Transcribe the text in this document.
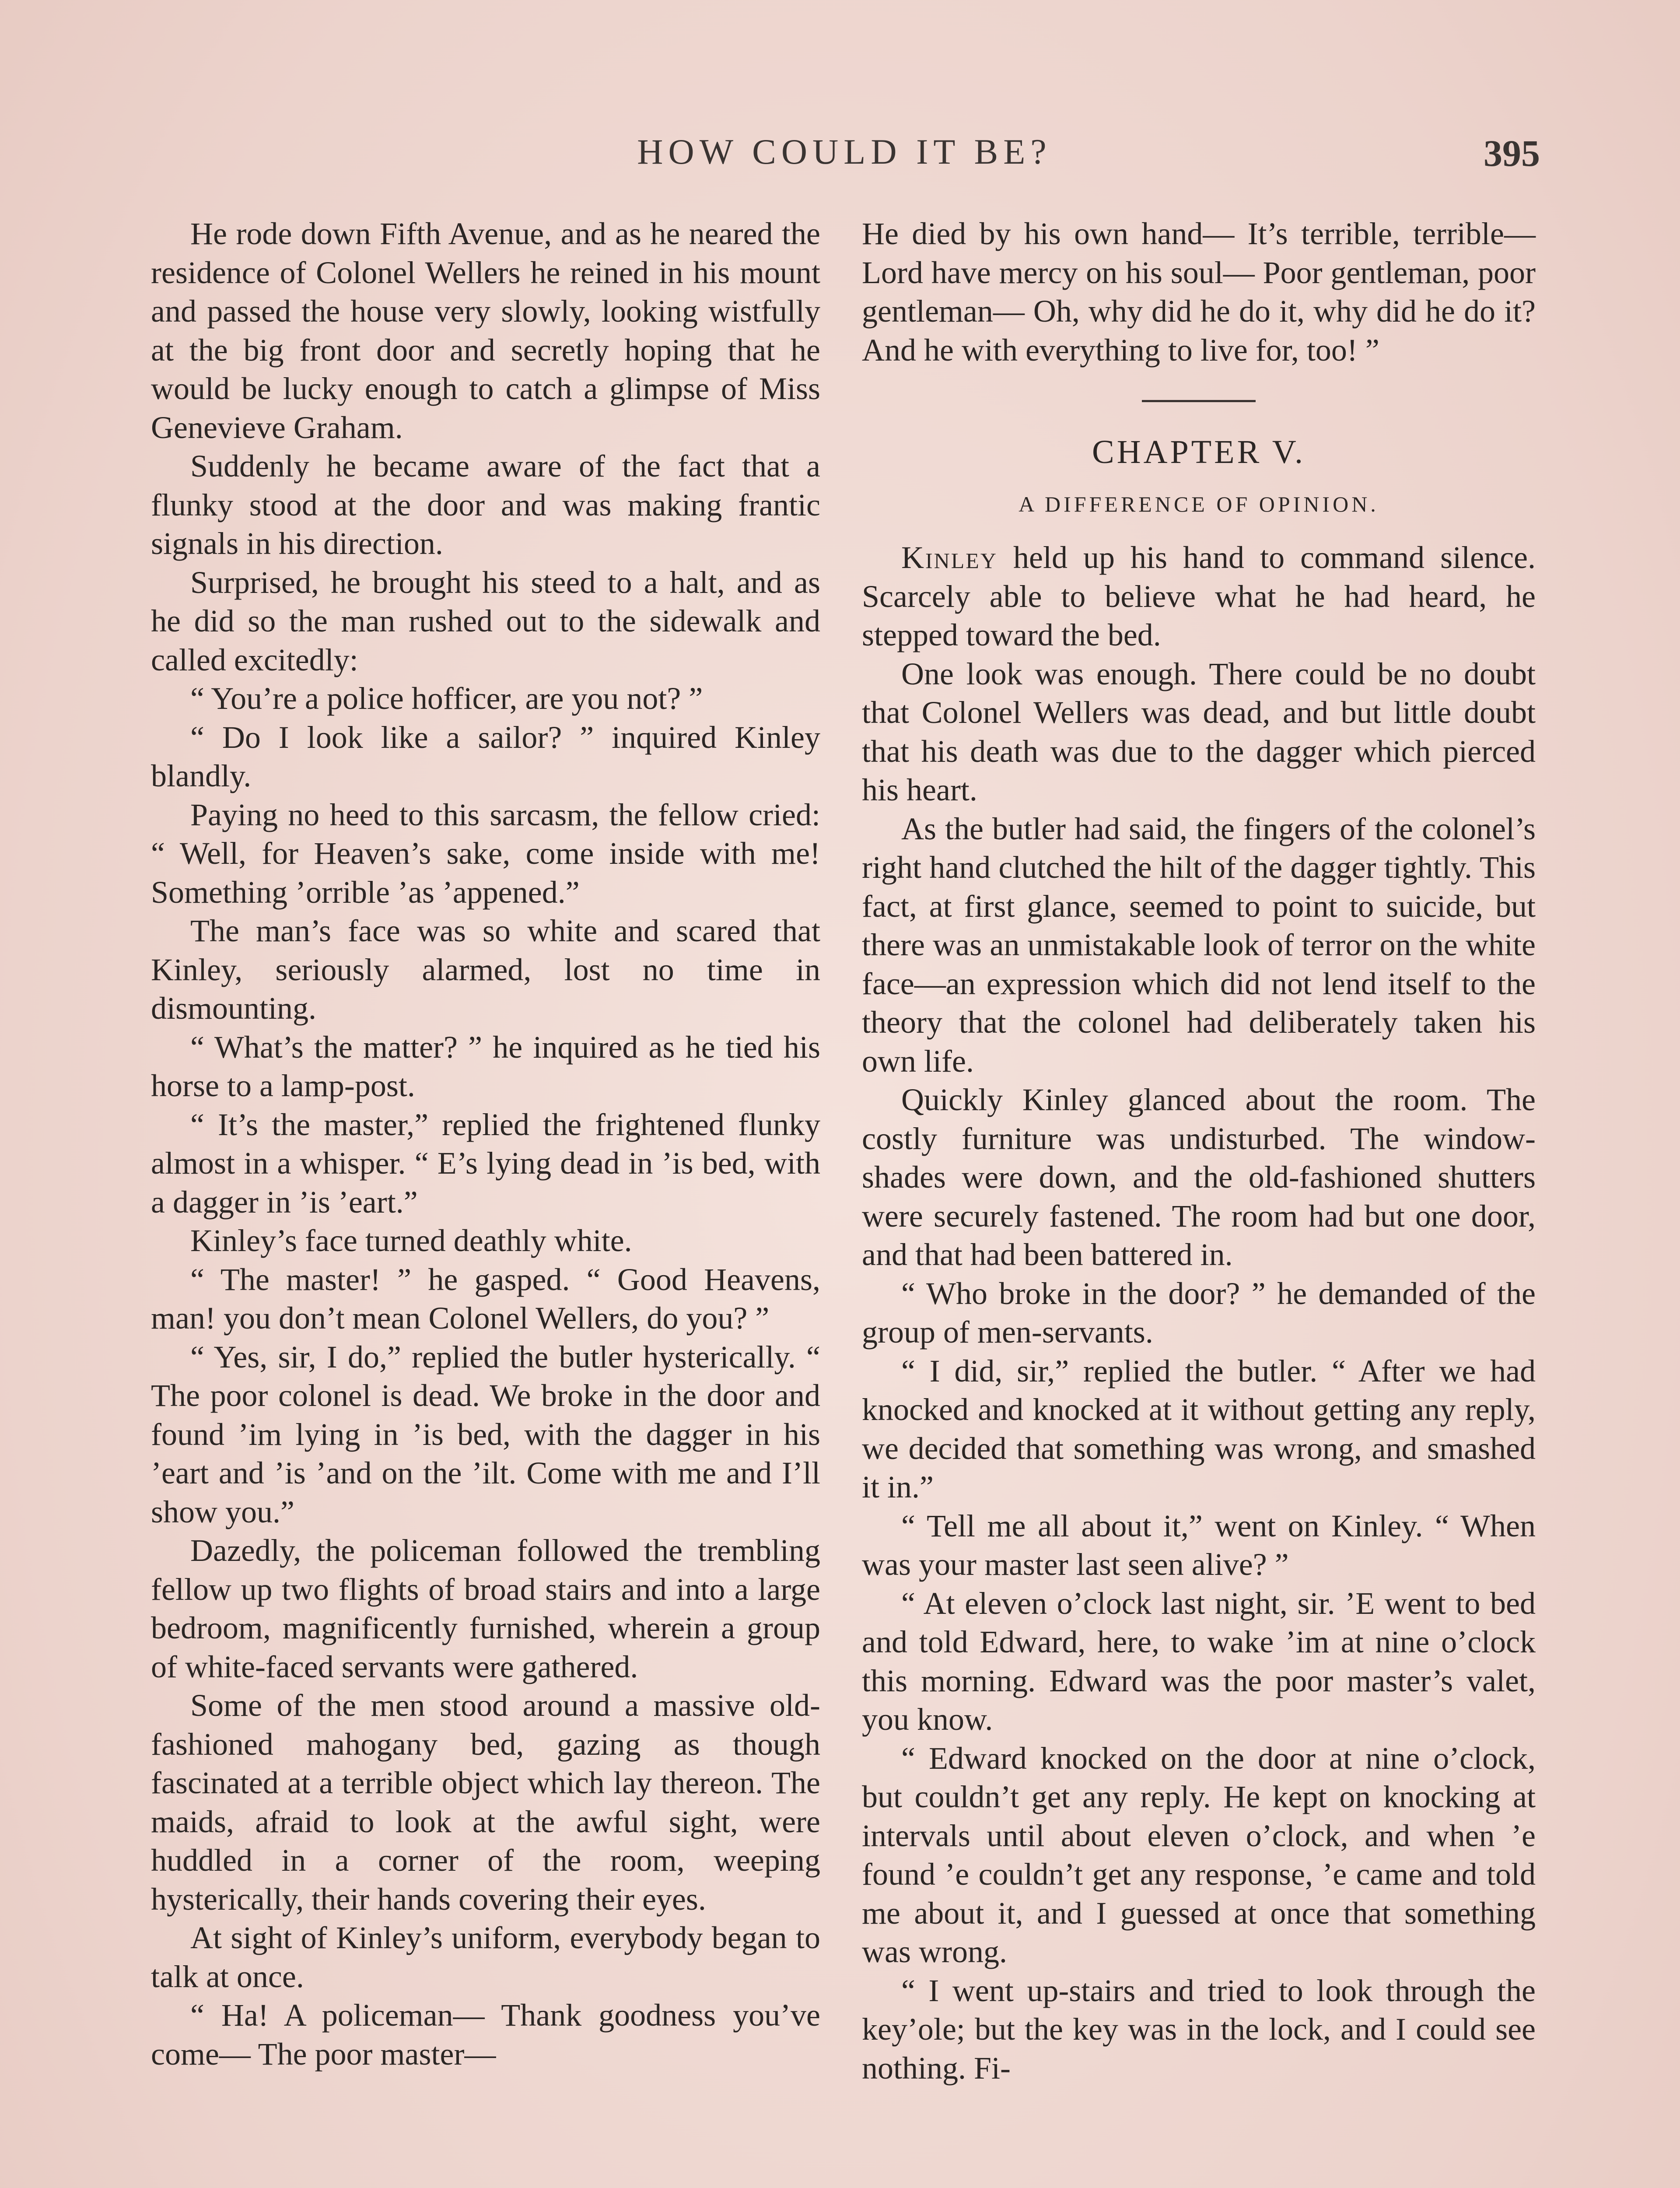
HOW COULD IT BE?	395

He rode down Fifth Avenue, and as he neared the residence of Colonel Wellers he reined in his mount and passed the house very slowly, looking wistfully at the big front door and secretly hoping that he would be lucky enough to catch a glimpse of Miss Genevieve Graham.

Suddenly he became aware of the fact that a flunky stood at the door and was making frantic signals in his direction.

Surprised, he brought his steed to a halt, and as he did so the man rushed out to the sidewalk and called excitedly:

“ You’re a police hofficer, are you not? ”

“ Do I look like a sailor? ” inquired Kinley blandly.

Paying no heed to this sarcasm, the fellow cried: “ Well, for Heaven’s sake, come inside with me! Something ’orrible ’as ’appened.”

The man’s face was so white and scared that Kinley, seriously alarmed, lost no time in dismounting.

“ What’s the matter? ” he inquired as he tied his horse to a lamp-post.

“ It’s the master,” replied the frightened flunky almost in a whisper. “ E’s lying dead in ’is bed, with a dagger in ’is ’eart.”

Kinley’s face turned deathly white.

“ The master! ” he gasped. “ Good Heavens, man! you don’t mean Colonel Wellers, do you? ”

“ Yes, sir, I do,” replied the butler hysterically. “ The poor colonel is dead. We broke in the door and found ’im lying in ’is bed, with the dagger in his ’eart and ’is ’and on the ’ilt. Come with me and I’ll show you.”

Dazedly, the policeman followed the trembling fellow up two flights of broad stairs and into a large bedroom, magnificently furnished, wherein a group of white-faced servants were gathered.

Some of the men stood around a massive old-fashioned mahogany bed, gazing as though fascinated at a terrible object which lay thereon. The maids, afraid to look at the awful sight, were huddled in a corner of the room, weeping hysterically, their hands covering their eyes.

At sight of Kinley’s uniform, everybody began to talk at once.

“ Ha! A policeman— Thank goodness you’ve come— The poor master—

He died by his own hand— It’s terrible, terrible— Lord have mercy on his soul— Poor gentleman, poor gentleman— Oh, why did he do it, why did he do it? And he with everything to live for, too! ”

CHAPTER V.
A DIFFERENCE OF OPINION.

Kinley held up his hand to command silence. Scarcely able to believe what he had heard, he stepped toward the bed.

One look was enough. There could be no doubt that Colonel Wellers was dead, and but little doubt that his death was due to the dagger which pierced his heart.

As the butler had said, the fingers of the colonel’s right hand clutched the hilt of the dagger tightly. This fact, at first glance, seemed to point to suicide, but there was an unmistakable look of terror on the white face—an expression which did not lend itself to the theory that the colonel had deliberately taken his own life.

Quickly Kinley glanced about the room. The costly furniture was undisturbed. The window-shades were down, and the old-fashioned shutters were securely fastened. The room had but one door, and that had been battered in.

“ Who broke in the door? ” he demanded of the group of men-servants.

“ I did, sir,” replied the butler. “ After we had knocked and knocked at it without getting any reply, we decided that something was wrong, and smashed it in.”

“ Tell me all about it,” went on Kinley. “ When was your master last seen alive? ”

“ At eleven o’clock last night, sir. ’E went to bed and told Edward, here, to wake ’im at nine o’clock this morning. Edward was the poor master’s valet, you know.

“ Edward knocked on the door at nine o’clock, but couldn’t get any reply. He kept on knocking at intervals until about eleven o’clock, and when ’e found ’e couldn’t get any response, ’e came and told me about it, and I guessed at once that something was wrong.

“ I went up-stairs and tried to look through the key’ole; but the key was in the lock, and I could see nothing. Fi-
